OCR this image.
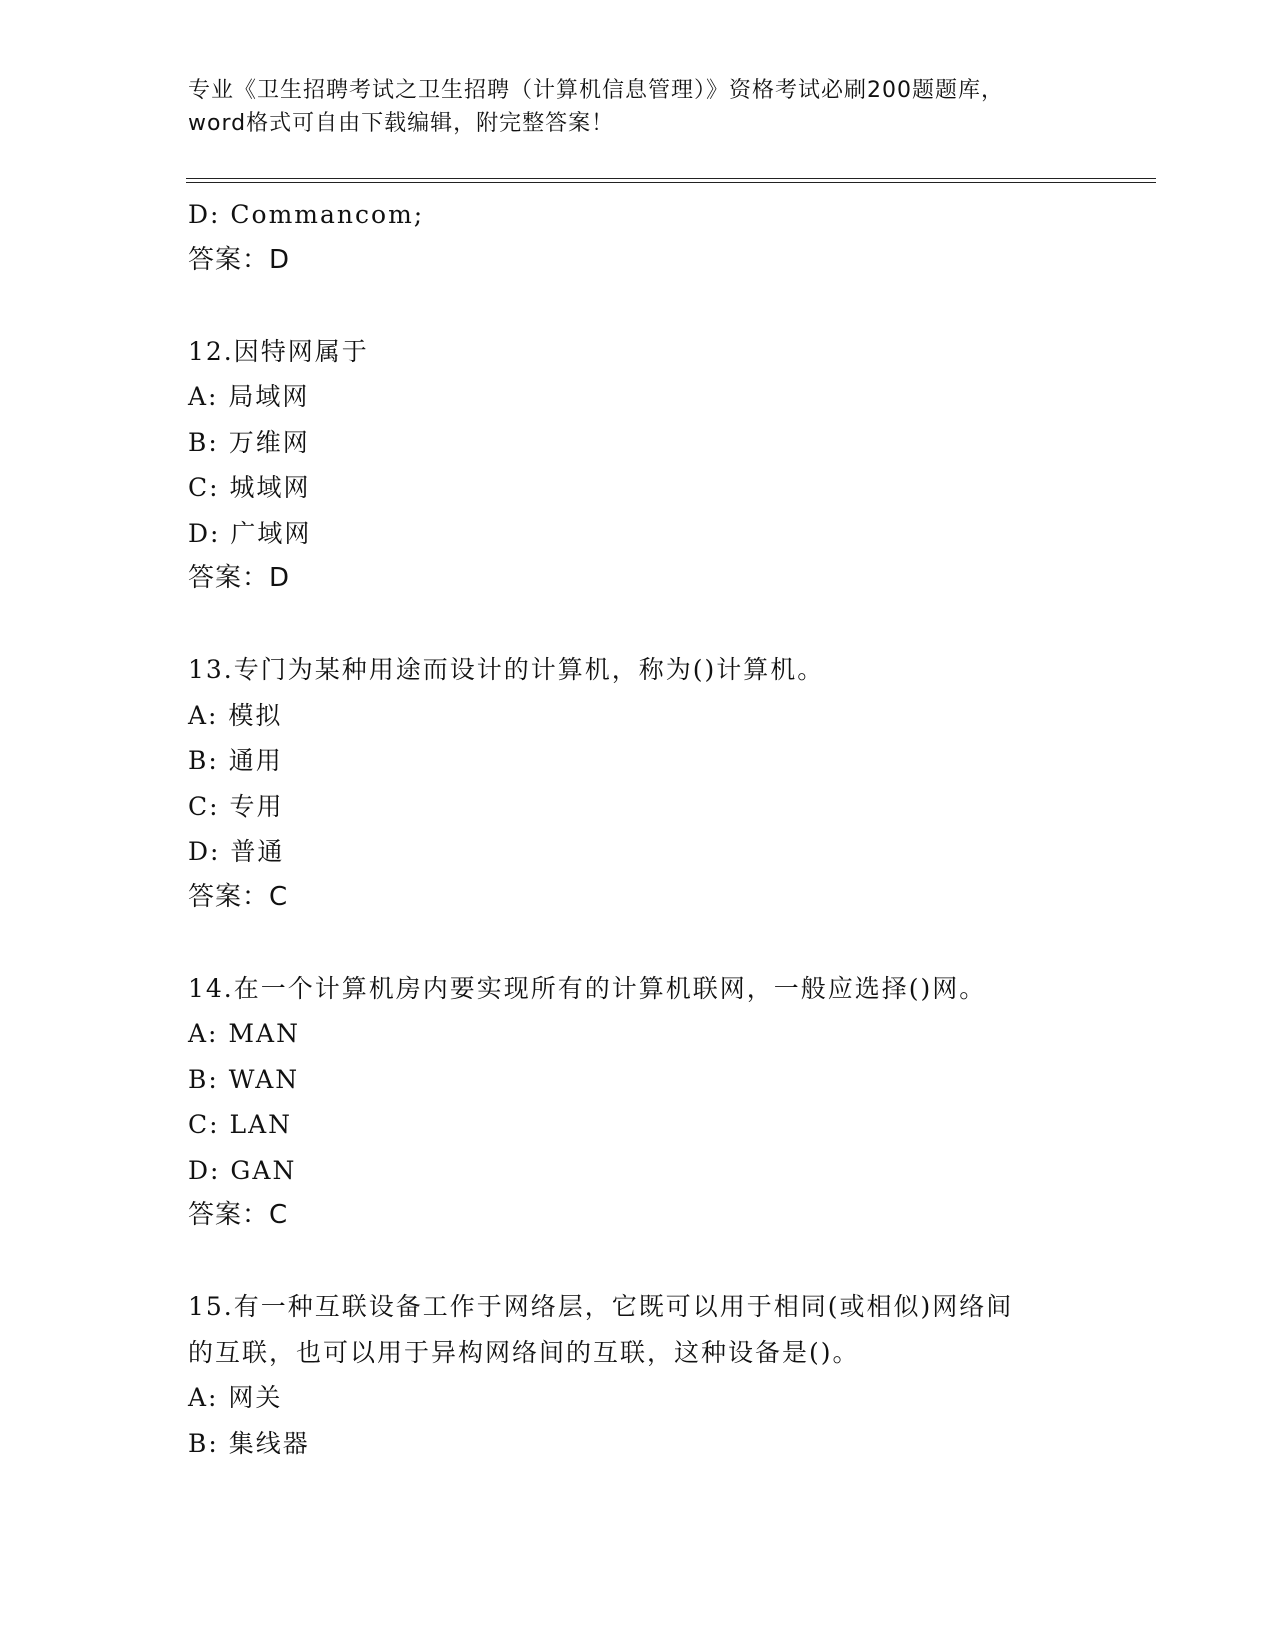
专业《卫生招聘考试之卫生招聘（计算机信息管理）》资格考试必刷200题题库，
word格式可自由下载编辑，附完整答案！
D: Commancom;
答案：D
12.因特网属于
A: 局域网
B: 万维网
C: 城域网
D: 广域网
答案：D
13.专门为某种用途而设计的计算机，称为()计算机。
A: 模拟
B: 通用
C: 专用
D: 普通
答案：C
14.在一个计算机房内要实现所有的计算机联网，一般应选择()网。
A: MAN
B: WAN
C: LAN
D: GAN
答案：C
15.有一种互联设备工作于网络层，它既可以用于相同(或相似)网络间
的互联，也可以用于异构网络间的互联，这种设备是()。
A: 网关
B: 集线器
